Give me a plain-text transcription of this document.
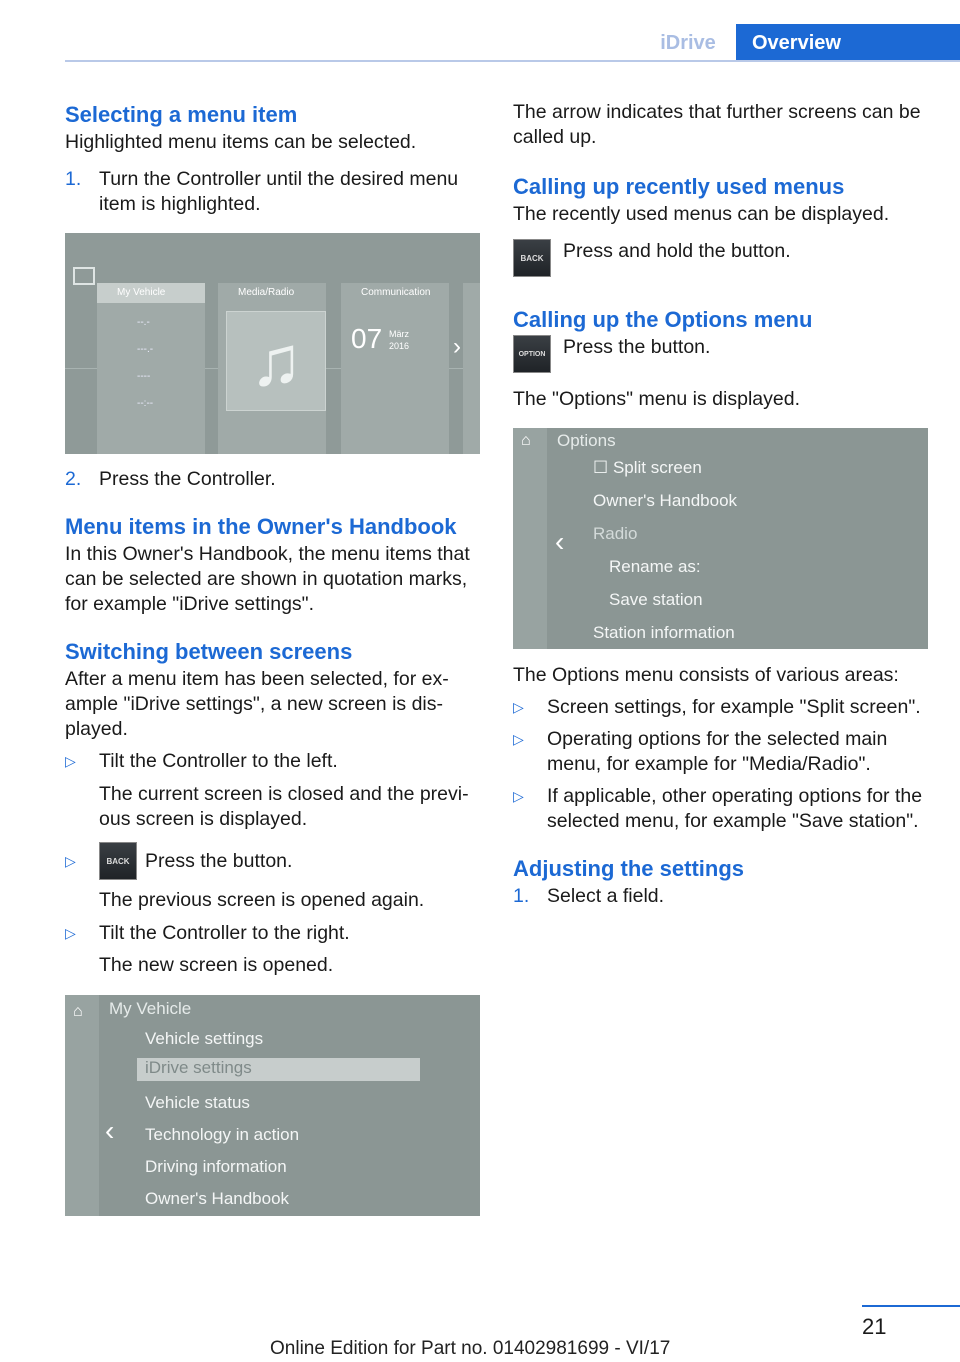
iDrive	Overview
Selecting a menu item

Highlighted menu items can be selected.

1. Turn the Controller until the desired menu item is highlighted.
My Vehicle
--.-
---.-
----
--:--
Media/Radio
♫
Communication
07 März
2016 ›
2. Press the Controller.
Menu items in the Owner's Handbook

In this Owner's Handbook, the menu items that can be selected are shown in quotation marks, for example "iDrive settings".

Switching between screens

After a menu item has been selected, for example "iDrive settings", a new screen is displayed.

▷	Tilt the Controller to the left.
The current screen is closed and the previous screen is displayed.
▷	BACK Press the button.
The previous screen is opened again.
▷	Tilt the Controller to the right.
The new screen is opened.
⌂
‹
My Vehicle
Vehicle settings
iDrive settings
Vehicle status
Technology in action
Driving information
Owner's Handbook

The arrow indicates that further screens can be called up.

Calling up recently used menus

The recently used menus can be displayed.

BACK Press and hold the button.
Calling up the Options menu
OPTION Press the button.

The "Options" menu is displayed.

⌂
‹
Options
☐ Split screen
Owner's Handbook
Radio
Rename as:
Save station
Station information

The Options menu consists of various areas:

▷	Screen settings, for example "Split screen".
▷	Operating options for the selected main menu, for example for "Media/Radio".
▷	If applicable, other operating options for the selected menu, for example "Save station".
Adjusting the settings
1. Select a field.
21
Online Edition for Part no. 01402981699 - VI/17
